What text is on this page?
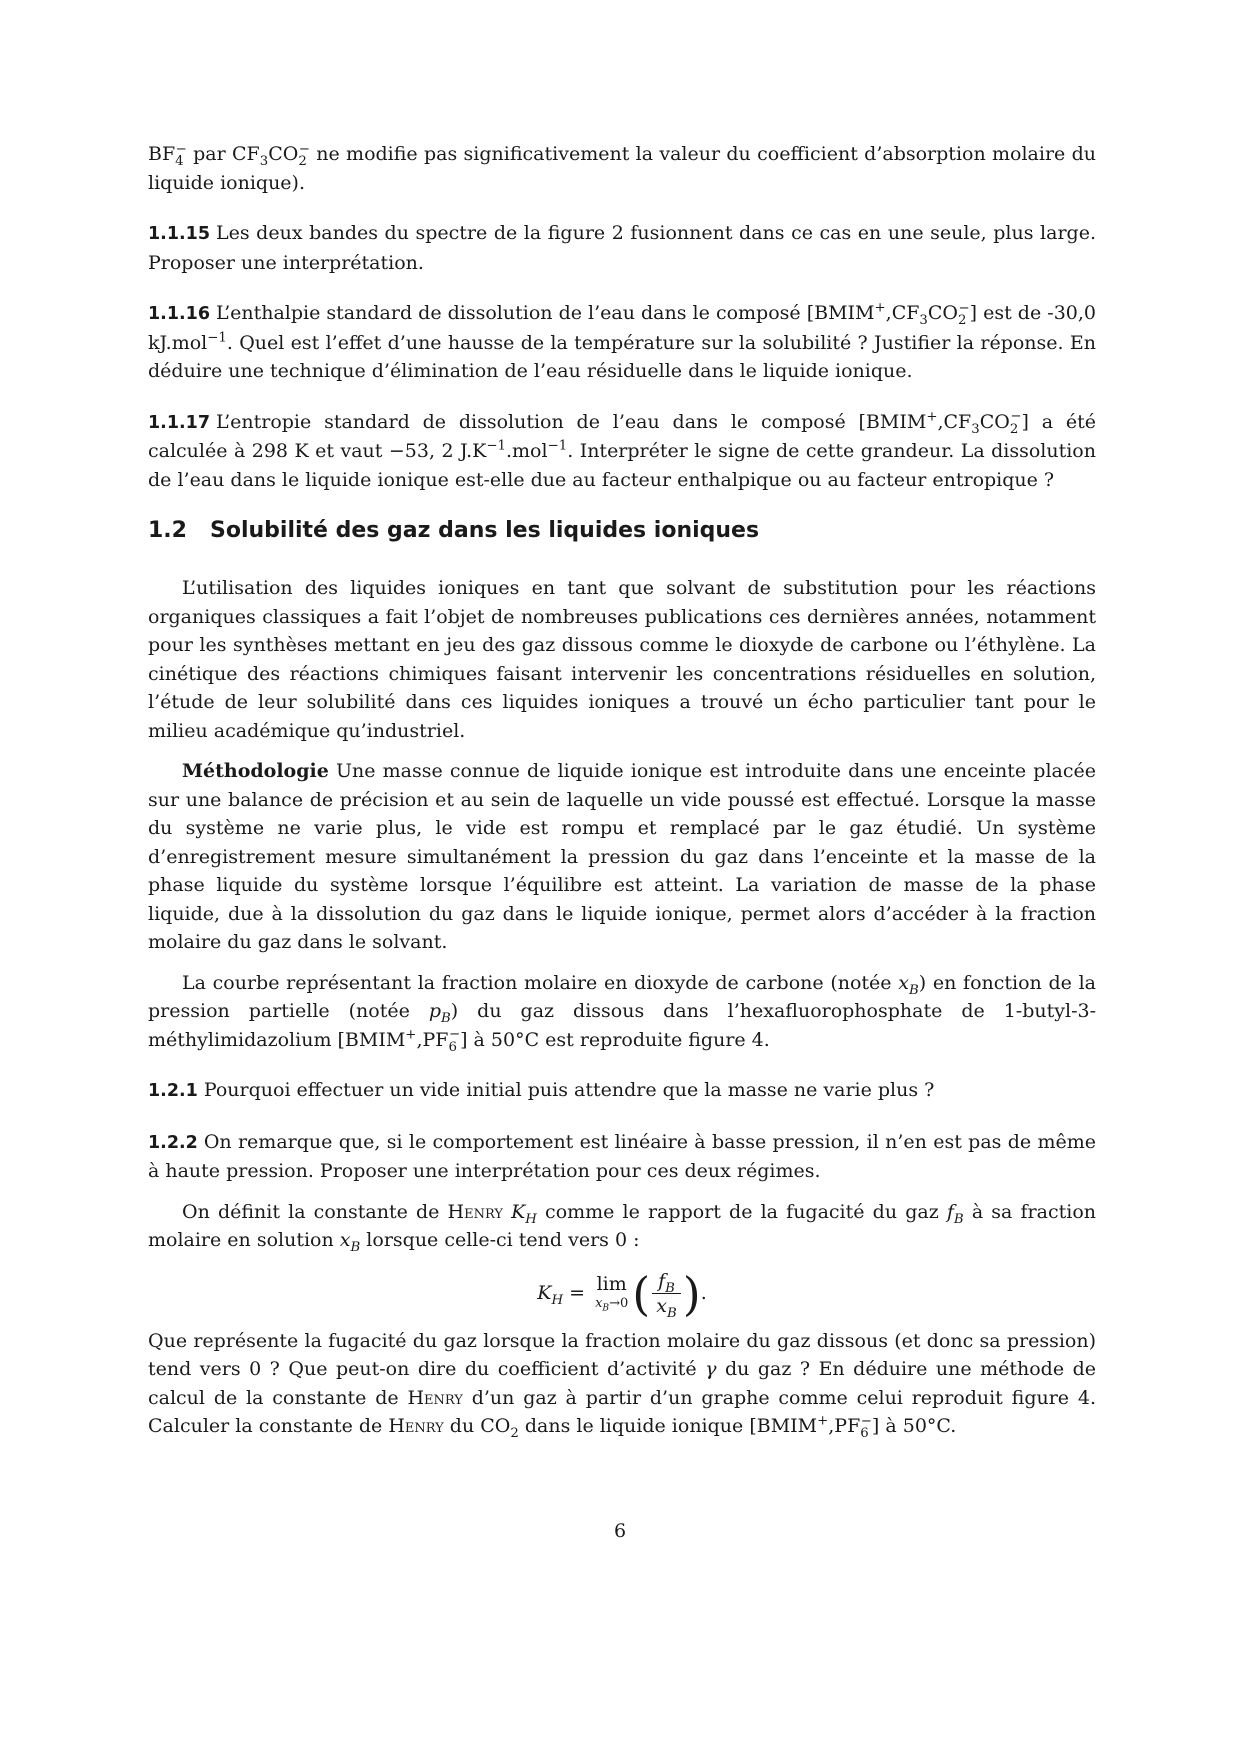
$BF_4^-$ par $CF_3CO_2^-$ ne modifie pas significativement la valeur du coefficient d’absorption molaire du liquide ionique).

1.1.15 Les deux bandes du spectre de la figure 2 fusionnent dans ce cas en une seule, plus large. Proposer une interprétation.

1.1.16 L’enthalpie standard de dissolution de l’eau dans le composé $[BMIM^+,CF_3CO_2^-]$ est de -30,0 kJ.mol$^{-1}$. Quel est l’effet d’une hausse de la température sur la solubilité ? Justifier la réponse. En déduire une technique d’élimination de l’eau résiduelle dans le liquide ionique.

1.1.17 L’entropie standard de dissolution de l’eau dans le composé $[BMIM^+,CF_3CO_2^-]$ a été calculée à 298 K et vaut −53, 2 $J.K^{-1}.mol^{-1}$. Interpréter le signe de cette grandeur. La dissolution de l’eau dans le liquide ionique est-elle due au facteur enthalpique ou au facteur entropique ?

1.2 Solubilité des gaz dans les liquides ioniques

L’utilisation des liquides ioniques en tant que solvant de substitution pour les réactions organiques classiques a fait l’objet de nombreuses publications ces dernières années, notamment pour les synthèses mettant en jeu des gaz dissous comme le dioxyde de carbone ou l’éthylène. La cinétique des réactions chimiques faisant intervenir les concentrations résiduelles en solution, l’étude de leur solubilité dans ces liquides ioniques a trouvé un écho particulier tant pour le milieu académique qu’industriel.

Méthodologie Une masse connue de liquide ionique est introduite dans une enceinte placée sur une balance de précision et au sein de laquelle un vide poussé est effectué. Lorsque la masse du système ne varie plus, le vide est rompu et remplacé par le gaz étudié. Un système d’enregistrement mesure simultanément la pression du gaz dans l’enceinte et la masse de la phase liquide du système lorsque l’équilibre est atteint. La variation de masse de la phase liquide, due à la dissolution du gaz dans le liquide ionique, permet alors d’accéder à la fraction molaire du gaz dans le solvant.

La courbe représentant la fraction molaire en dioxyde de carbone (notée $x_B$) en fonction de la pression partielle (notée $p_B$) du gaz dissous dans l’hexafluorophosphate de 1-butyl-3-méthylimidazolium $[BMIM^+,PF_6^-]$ à 50°C est reproduite figure 4.

1.2.1 Pourquoi effectuer un vide initial puis attendre que la masse ne varie plus ?

1.2.2 On remarque que, si le comportement est linéaire à basse pression, il n’en est pas de même à haute pression. Proposer une interprétation pour ces deux régimes.

On définit la constante de Henry $K_H$ comme le rapport de la fugacité du gaz $f_B$ à sa fraction molaire en solution $x_B$ lorsque celle-ci tend vers 0 :

$K_H = \lim$
$x_B\to 0$ ( $\frac{f_B}{x_B}$ ).

Que représente la fugacité du gaz lorsque la fraction molaire du gaz dissous (et donc sa pression) tend vers 0 ? Que peut-on dire du coefficient d’activité γ du gaz ? En déduire une méthode de calcul de la constante de Henry d’un gaz à partir d’un graphe comme celui reproduit figure 4. Calculer la constante de Henry du $CO_2$ dans le liquide ionique $[BMIM^+,PF_6^-]$ à 50°C.

6
